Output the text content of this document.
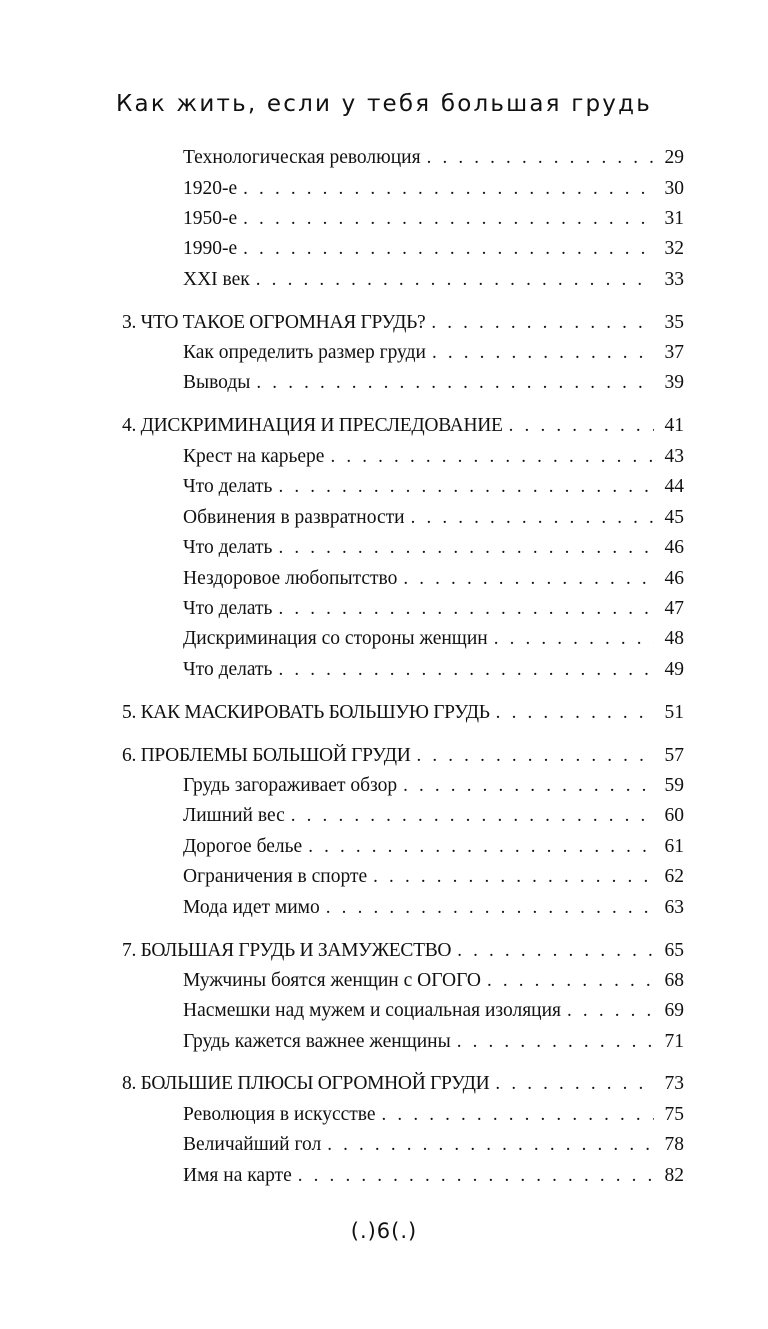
Как жить, если у тебя большая грудь
Технологическая революция . . .	29
1920-е . . .	30
1950-е . . .	31
1990-е . . .	32
XXI век . . .	33
3. ЧТО ТАКОЕ ОГРОМНАЯ ГРУДЬ? . . .	35
Как определить размер груди . . .	37
Выводы . . .	39
4. ДИСКРИМИНАЦИЯ И ПРЕСЛЕДОВАНИЕ . . .	41
Крест на карьере . . .	43
Что делать . . .	44
Обвинения в развратности . . .	45
Что делать . . .	46
Нездоровое любопытство . . .	46
Что делать . . .	47
Дискриминация со стороны женщин . . .	48
Что делать . . .	49
5. КАК МАСКИРОВАТЬ БОЛЬШУЮ ГРУДЬ . . .	51
6. ПРОБЛЕМЫ БОЛЬШОЙ ГРУДИ . . .	57
Грудь загораживает обзор . . .	59
Лишний вес . . .	60
Дорогое белье . . .	61
Ограничения в спорте . . .	62
Мода идет мимо . . .	63
7. БОЛЬШАЯ ГРУДЬ И ЗАМУЖЕСТВО . . .	65
Мужчины боятся женщин с ОГОГО . . .	68
Насмешки над мужем и социальная изоляция . . .	69
Грудь кажется важнее женщины . . .	71
8. БОЛЬШИЕ ПЛЮСЫ ОГРОМНОЙ ГРУДИ . . .	73
Революция в искусстве . . .	75
Величайший гол . . .	78
Имя на карте . . .	82
(.)6(.)
